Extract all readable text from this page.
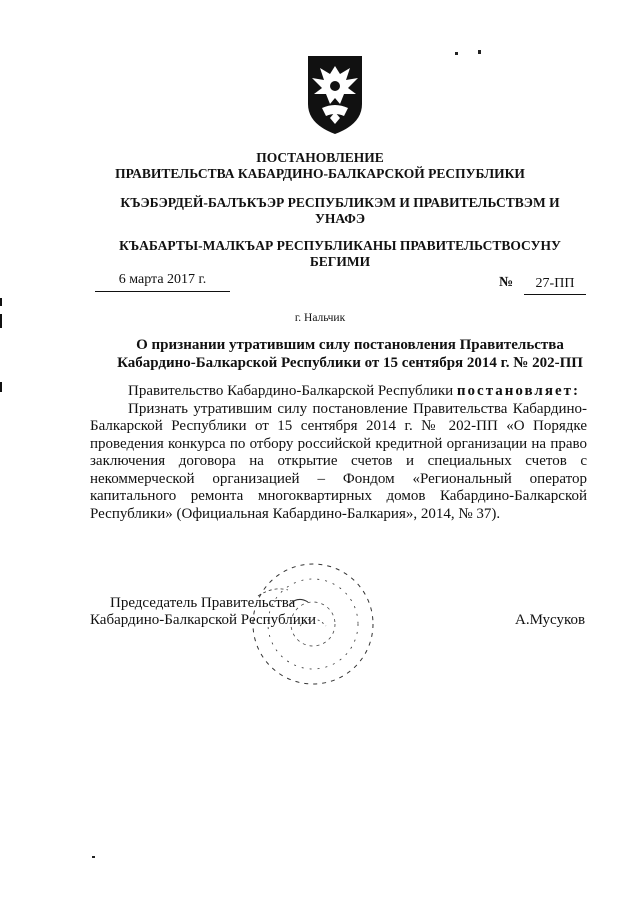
ПОСТАНОВЛЕНИЕ
ПРАВИТЕЛЬСТВА КАБАРДИНО-БАЛКАРСКОЙ РЕСПУБЛИКИ
КЪЭБЭРДЕЙ-БАЛЪКЪЭР РЕСПУБЛИКЭМ И ПРАВИТЕЛЬСТВЭМ И
УНАФЭ
КЪАБАРТЫ-МАЛКЪАР РЕСПУБЛИКАНЫ ПРАВИТЕЛЬСТВОСУНУ
БЕГИМИ
6 марта 2017 г.	№	27-ПП
г. Нальчик
О признании утратившим силу постановления Правительства
Кабардино-Балкарской Республики от 15 сентября 2014 г. № 202-ПП

Правительство Кабардино-Балкарской Республики постановляет:

Признать утратившим силу постановление Правительства Кабардино-Балкарской Республики от 15 сентября 2014 г. № 202-ПП «О Порядке проведения конкурса по отбору российской кредитной организации на право заключения договора на открытие счетов и специальных счетов с некоммерческой организацией – Фондом «Региональный оператор капитального ремонта многоквартирных домов Кабардино-Балкарской Республики» (Официальная Кабардино-Балкария», 2014, № 37).

Председатель Правительства
Кабардино-Балкарской Республики	А.Мусуков
